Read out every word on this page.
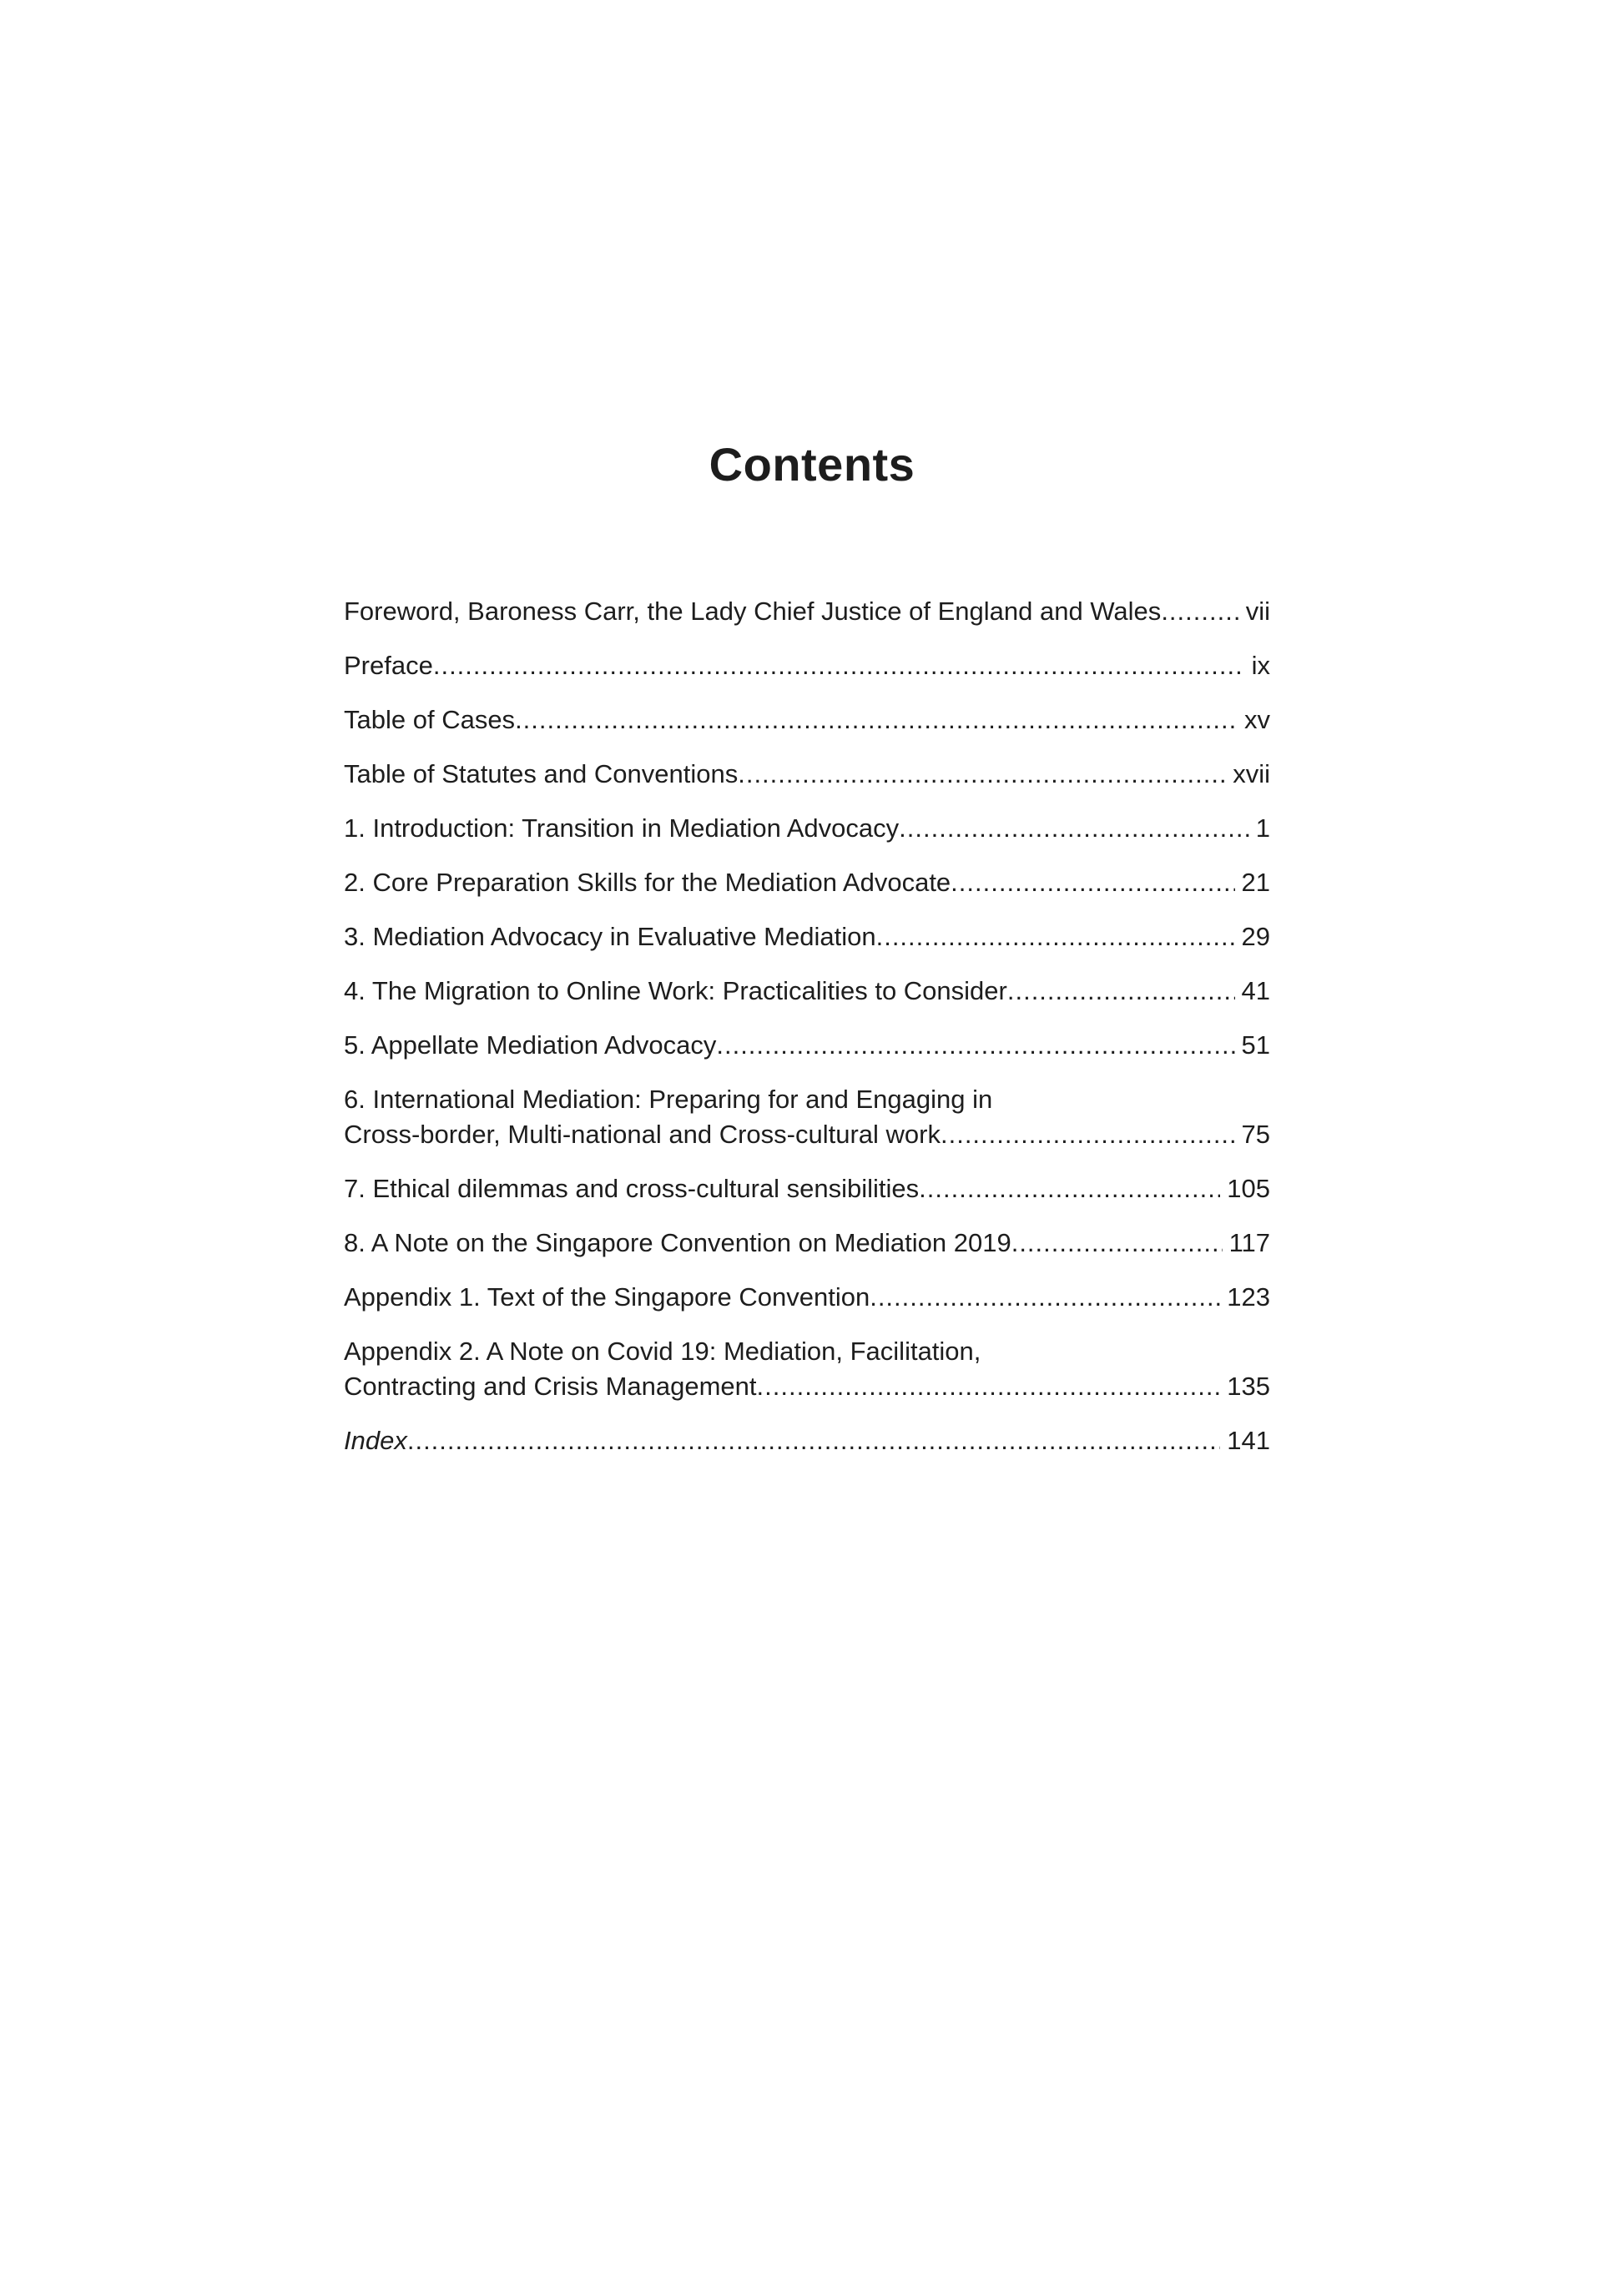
Contents
Foreword, Baroness Carr, the Lady Chief Justice of England and Wales .....	vii
Preface .....	ix
Table of Cases .....	xv
Table of Statutes and Conventions .....	xvii
1. Introduction: Transition in Mediation Advocacy .....	1
2. Core Preparation Skills for the Mediation Advocate .....	21
3. Mediation Advocacy in Evaluative Mediation .....	29
4. The Migration to Online Work: Practicalities to Consider .....	41
5. Appellate Mediation Advocacy .....	51
6. International Mediation: Preparing for and Engaging in
Cross-border, Multi-national and Cross-cultural work .....	75
7. Ethical dilemmas and cross-cultural sensibilities .....	105
8. A Note on the Singapore Convention on Mediation 2019 .....	117
Appendix 1. Text of the Singapore Convention .....	123
Appendix 2. A Note on Covid 19: Mediation, Facilitation,
Contracting and Crisis Management .....	135
Index .....	141
